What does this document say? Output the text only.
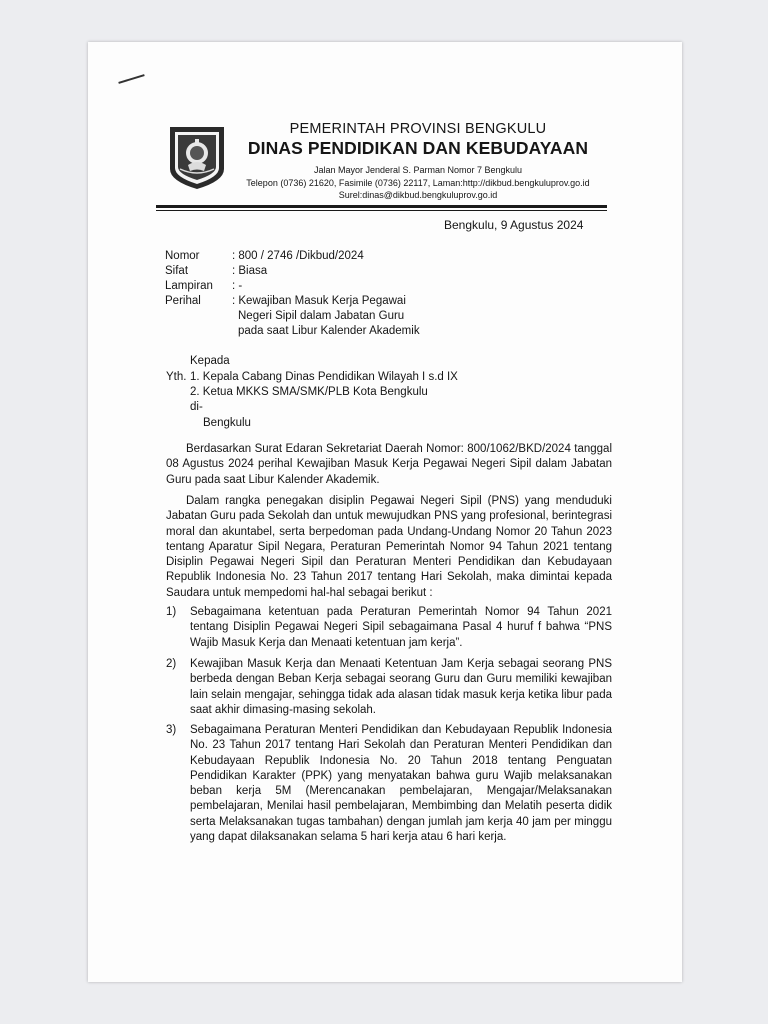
PEMERINTAH PROVINSI BENGKULU
DINAS PENDIDIKAN DAN KEBUDAYAAN
Jalan Mayor Jenderal S. Parman Nomor 7 Bengkulu
Telepon (0736) 21620, Fasimile (0736) 22117, Laman:http://dikbud.bengkuluprov.go.id
Surel:dinas@dikbud.bengkuluprov.go.id
Bengkulu, 9 Agustus 2024
Nomor	: 800 / 2746 /Dikbud/2024
Sifat	: Biasa
Lampiran	: -
Perihal	: Kewajiban Masuk Kerja Pegawai
Negeri Sipil dalam Jabatan Guru
pada saat Libur Kalender Akademik
Kepada
Yth. 1. Kepala Cabang Dinas Pendidikan Wilayah I s.d IX
2. Ketua MKKS SMA/SMK/PLB Kota Bengkulu
di-
Bengkulu
Berdasarkan Surat Edaran Sekretariat Daerah Nomor: 800/1062/BKD/2024 tanggal 08 Agustus 2024 perihal Kewajiban Masuk Kerja Pegawai Negeri Sipil dalam Jabatan Guru pada saat Libur Kalender Akademik.
Dalam rangka penegakan disiplin Pegawai Negeri Sipil (PNS) yang menduduki Jabatan Guru pada Sekolah dan untuk mewujudkan PNS yang profesional, berintegrasi moral dan akuntabel, serta berpedoman pada Undang-Undang Nomor 20 Tahun 2023 tentang Aparatur Sipil Negara, Peraturan Pemerintah Nomor 94 Tahun 2021 tentang Disiplin Pegawai Negeri Sipil dan Peraturan Menteri Pendidikan dan Kebudayaan Republik Indonesia No. 23 Tahun 2017 tentang Hari Sekolah, maka dimintai kepada Saudara untuk mempedomi hal-hal sebagai berikut :
1) Sebagaimana ketentuan pada Peraturan Pemerintah Nomor 94 Tahun 2021 tentang Disiplin Pegawai Negeri Sipil sebagaimana Pasal 4 huruf f bahwa “PNS Wajib Masuk Kerja dan Menaati ketentuan jam kerja”.
2) Kewajiban Masuk Kerja dan Menaati Ketentuan Jam Kerja sebagai seorang PNS berbeda dengan Beban Kerja sebagai seorang Guru dan Guru memiliki kewajiban lain selain mengajar, sehingga tidak ada alasan tidak masuk kerja ketika libur pada saat akhir dimasing-masing sekolah.
3) Sebagaimana Peraturan Menteri Pendidikan dan Kebudayaan Republik Indonesia No. 23 Tahun 2017 tentang Hari Sekolah dan Peraturan Menteri Pendidikan dan Kebudayaan Republik Indonesia No. 20 Tahun 2018 tentang Penguatan Pendidikan Karakter (PPK) yang menyatakan bahwa guru Wajib melaksanakan beban kerja 5M (Merencanakan pembelajaran, Mengajar/Melaksanakan pembelajaran, Menilai hasil pembelajaran, Membimbing dan Melatih peserta didik serta Melaksanakan tugas tambahan) dengan jumlah jam kerja 40 jam per minggu yang dapat dilaksanakan selama 5 hari kerja atau 6 hari kerja.
